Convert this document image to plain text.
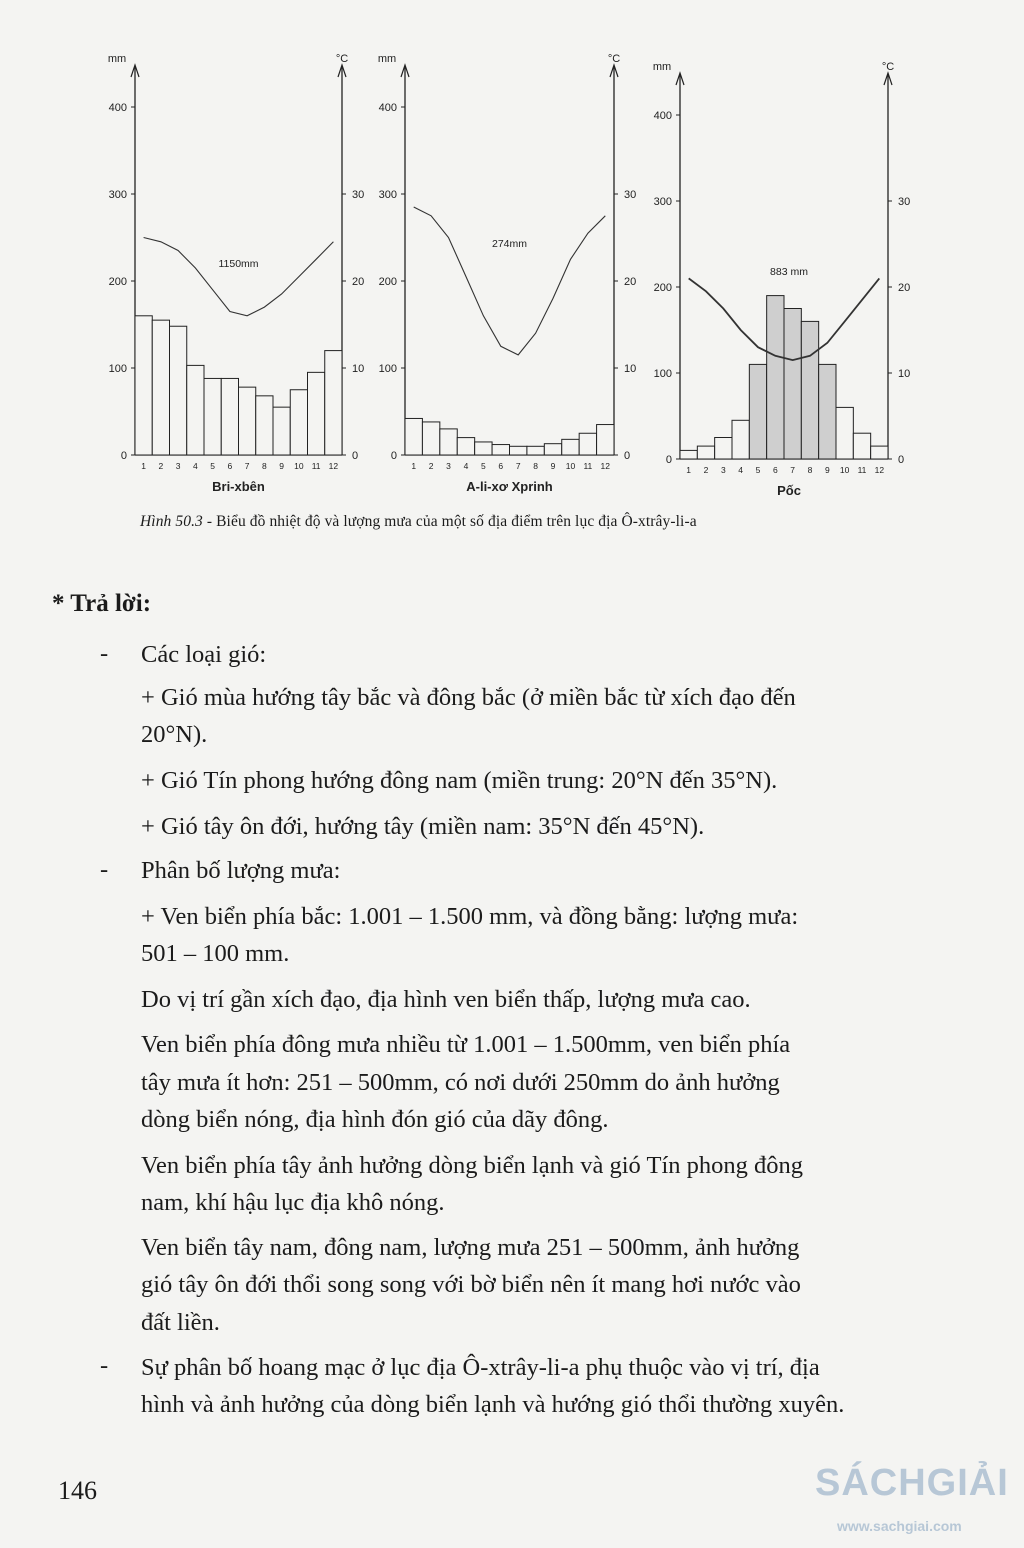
mm	°C
0
100
200
300
400
0
10
20
30
1 2 3 4 5 6 7 8 9 10 11 12
1150mm
Bri-xbên
mm	°C
0
100
200
300
400
0
10
20
30
1 2 3 4 5 6 7 8 9 10 11 12
274mm
A-li-xơ Xprinh
mm	°C
0
100
200
300
400
0
10
20
30
1 2 3 4 5 6 7 8 9 10 11 12
883 mm
Pốc
Hình 50.3 - Biểu đồ nhiệt độ và lượng mưa của một số địa điểm trên lục địa Ô-xtrây-li-a
* Trả lời:
- Các loại gió:

+ Gió mùa hướng tây bắc và đông bắc (ở miền bắc từ xích đạo đến

20°N).

+ Gió Tín phong hướng đông nam (miền trung: 20°N đến 35°N).

+ Gió tây ôn đới, hướng tây (miền nam: 35°N đến 45°N).

- Phân bố lượng mưa:

+ Ven biển phía bắc: 1.001 – 1.500 mm, và đồng bằng: lượng mưa:

501 – 100 mm.

Do vị trí gần xích đạo, địa hình ven biển thấp, lượng mưa cao.

Ven biển phía đông mưa nhiều từ 1.001 – 1.500mm, ven biển phía

tây mưa ít hơn: 251 – 500mm, có nơi dưới 250mm do ảnh hưởng

dòng biển nóng, địa hình đón gió của dãy đông.

Ven biển phía tây ảnh hưởng dòng biển lạnh và gió Tín phong đông

nam, khí hậu lục địa khô nóng.

Ven biển tây nam, đông nam, lượng mưa 251 – 500mm, ảnh hưởng

gió tây ôn đới thổi song song với bờ biển nên ít mang hơi nước vào

đất liền.

- Sự phân bố hoang mạc ở lục địa Ô-xtrây-li-a phụ thuộc vào vị trí, địa

hình và ảnh hưởng của dòng biển lạnh và hướng gió thổi thường xuyên.

146	SÁCHGIẢI
www.sachgiai.com
